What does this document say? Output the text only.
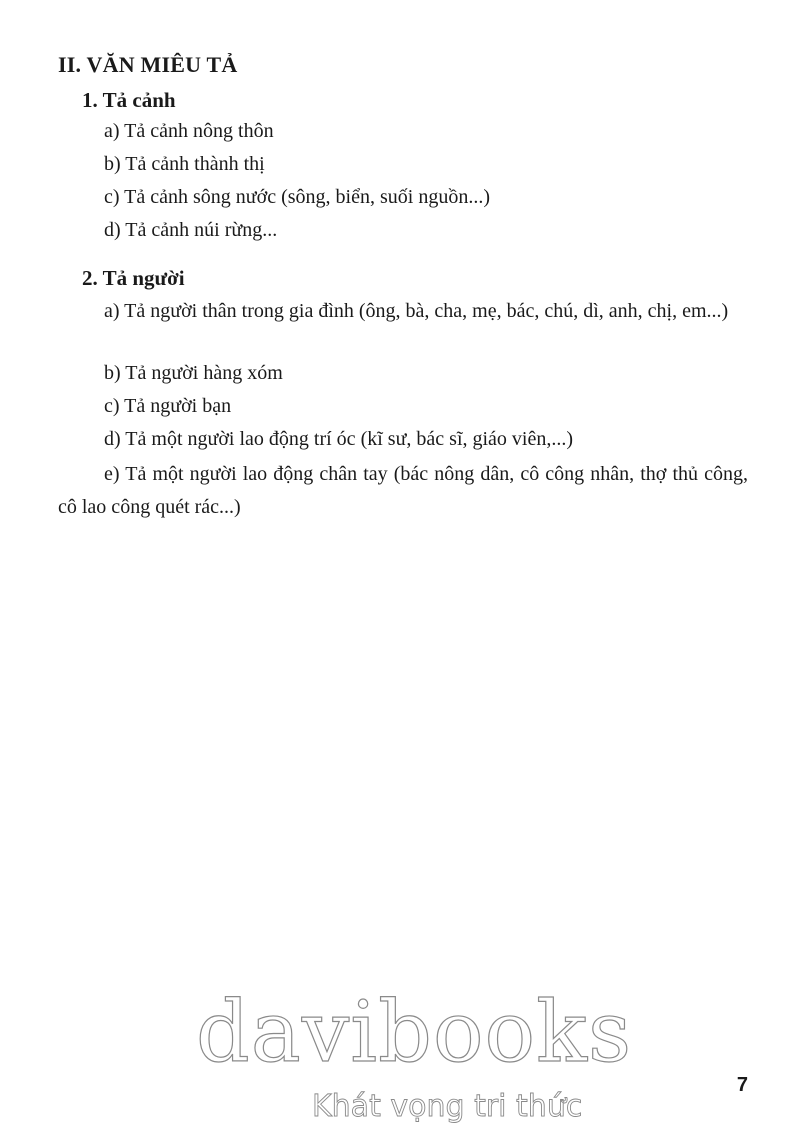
II. VĂN MIÊU TẢ
1. Tả cảnh
a) Tả cảnh nông thôn
b) Tả cảnh thành thị
c) Tả cảnh sông nước (sông, biển, suối nguồn...)
d) Tả cảnh núi rừng...
2. Tả người
a) Tả người thân trong gia đình (ông, bà, cha, mẹ, bác, chú, dì, anh, chị, em...)
b) Tả người hàng xóm
c) Tả người bạn
d) Tả một người lao động trí óc (kĩ sư, bác sĩ, giáo viên,...)
e) Tả một người lao động chân tay (bác nông dân, cô công nhân, thợ thủ công, cô lao công quét rác...)
davibooks
Khát vọng tri thức
7
